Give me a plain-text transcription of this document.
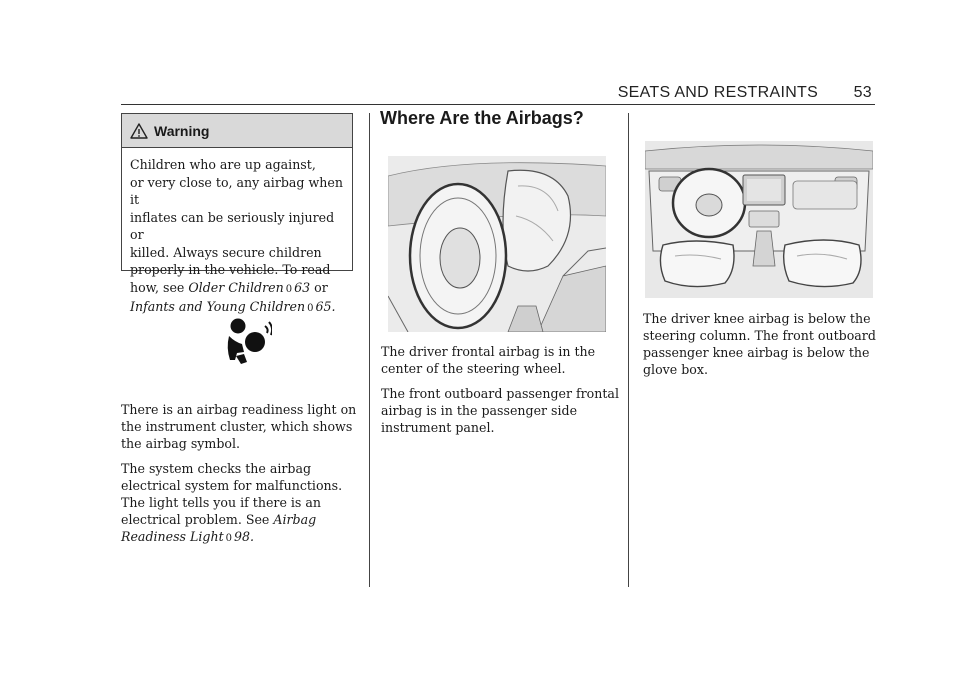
SEATS AND RESTRAINTS 53
Warning
Children who are up against,
or very close to, any airbag when it
inflates can be seriously injured or
killed. Always secure children
properly in the vehicle. To read
how, see Older Children 0 63 or
Infants and Young Children 0 65.

There is an airbag readiness light on
the instrument cluster, which shows
the airbag symbol.

The system checks the airbag
electrical system for malfunctions.
The light tells you if there is an
electrical problem. See Airbag
Readiness Light 0 98.

Where Are the Airbags?

The driver frontal airbag is in the
center of the steering wheel.

The front outboard passenger frontal
airbag is in the passenger side
instrument panel.

The driver knee airbag is below the
steering column. The front outboard
passenger knee airbag is below the
glove box.
